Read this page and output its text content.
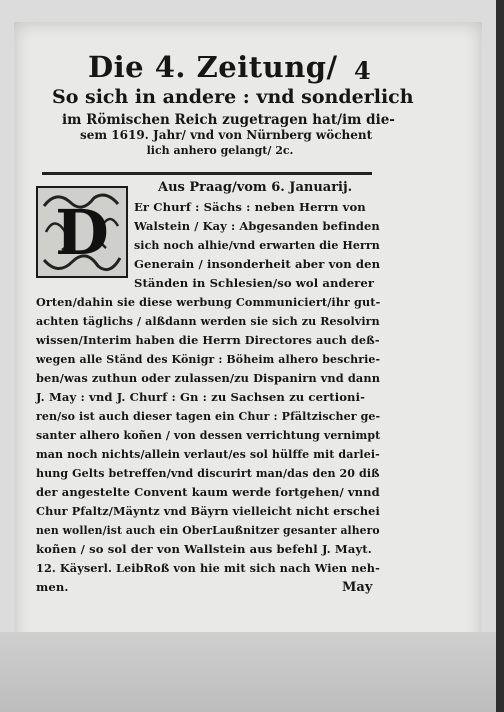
Die 4. Zeitung/ 4
So sich in andere : vnd sonderlich
im Römischen Reich zugetragen hat/im die-
sem 1619. Jahr/ vnd von Nürnberg wöchent
lich anhero gelangt/ 2c.
Aus Praag/vom 6. Januarij.
D Er Churf : Sächs : neben Herrn von
Walstein / Kay : Abgesanden befinden
sich noch alhie/vnd erwarten die Herrn
Generain / insonderheit aber von den
Ständen in Schlesien/so wol anderer
Orten/dahin sie diese werbung Communiciert/ihr gut-
achten täglichs / alßdann werden sie sich zu Resolvirn
wissen/Interim haben die Herrn Directores auch deß-
wegen alle Ständ des Königr : Böheim alhero beschrie-
ben/was zuthun oder zulassen/zu Dispanirn vnd dann
J. May : vnd J. Churf : Gn : zu Sachsen zu certioni-
ren/so ist auch dieser tagen ein Chur : Pfältzischer ge-
santer alhero koñen / von dessen verrichtung vernimpt
man noch nichts/allein verlaut/es sol hülffe mit darlei-
hung Gelts betreffen/vnd discurirt man/das den 20 diß
der angestelte Convent kaum werde fortgehen/ vnnd
Chur Pfaltz/Mäyntz vnd Bäyrn vielleicht nicht erschei
nen wollen/ist auch ein OberLaußnitzer gesanter alhero
koñen / so sol der von Wallstein aus befehl J. Mayt.
12. Käyserl. LeibRoß von hie mit sich nach Wien neh-
men.	May
